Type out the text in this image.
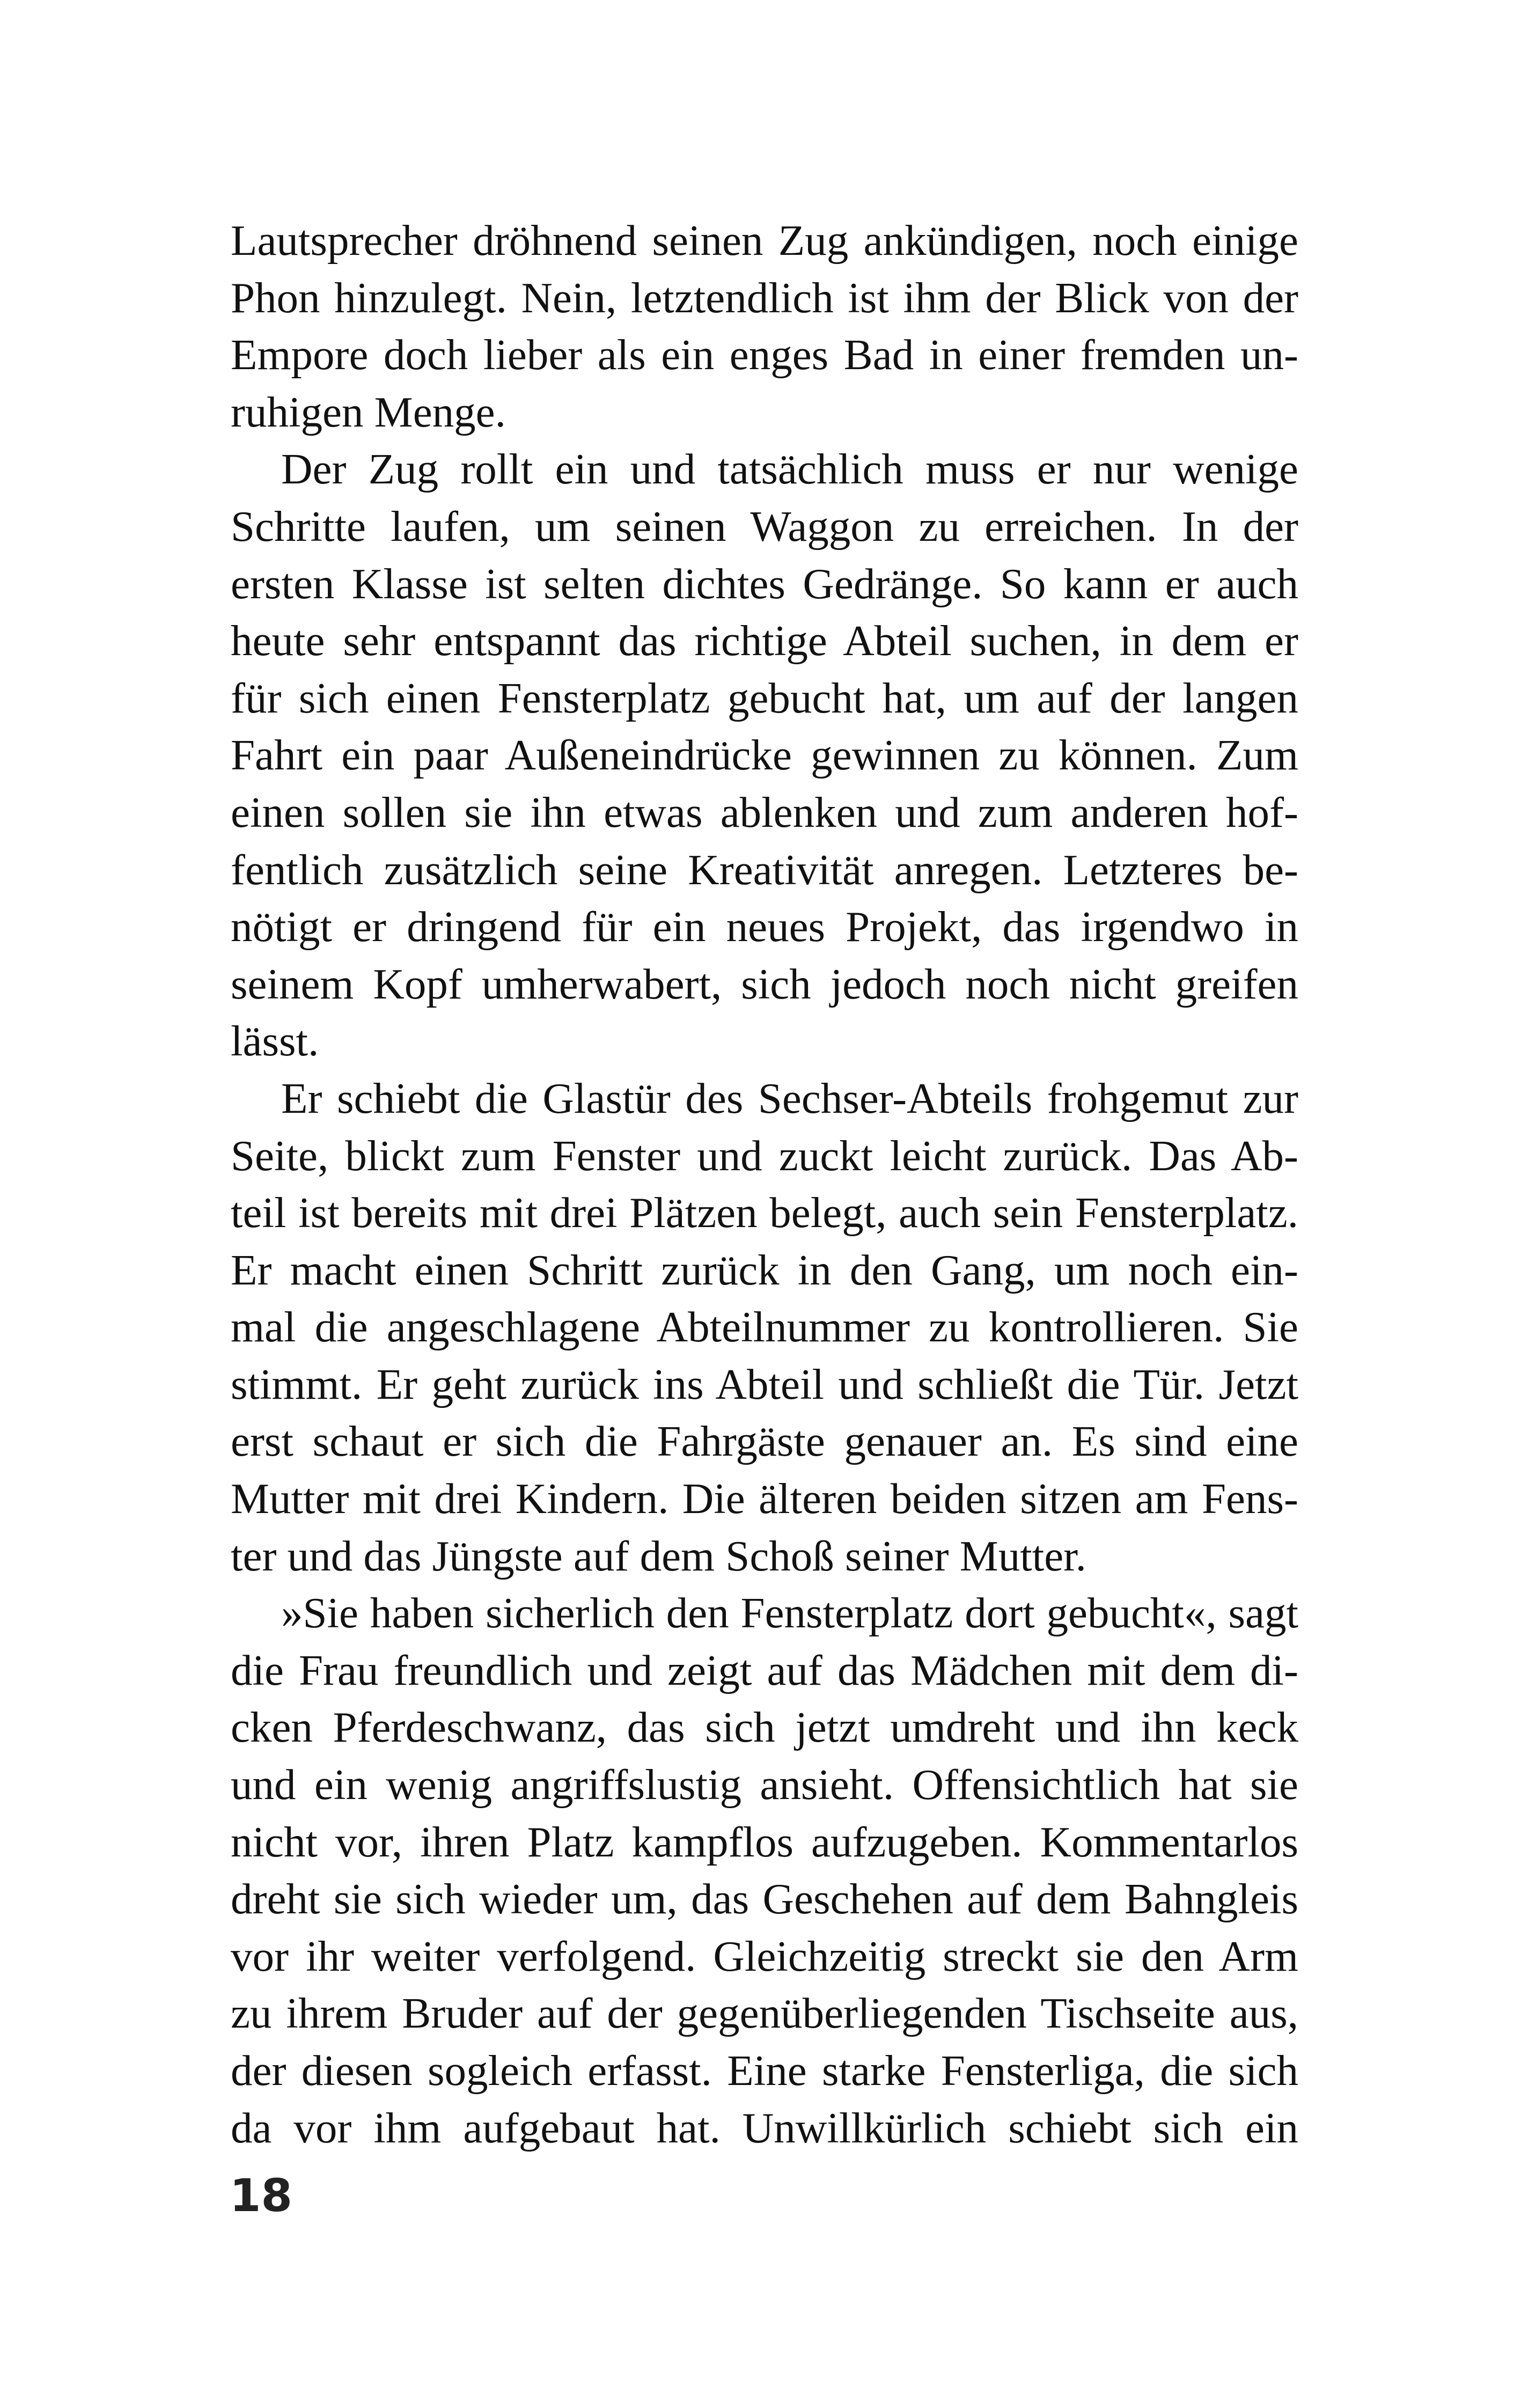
Lautsprecher dröhnend seinen Zug ankündigen, noch einige
Phon hinzulegt. Nein, letztendlich ist ihm der Blick von der
Empore doch lieber als ein enges Bad in einer fremden un-
ruhigen Menge.
Der Zug rollt ein und tatsächlich muss er nur wenige
Schritte laufen, um seinen Waggon zu erreichen. In der
ersten Klasse ist selten dichtes Gedränge. So kann er auch
heute sehr entspannt das richtige Abteil suchen, in dem er
für sich einen Fensterplatz gebucht hat, um auf der langen
Fahrt ein paar Außeneindrücke gewinnen zu können. Zum
einen sollen sie ihn etwas ablenken und zum anderen hof-
fentlich zusätzlich seine Kreativität anregen. Letzteres be-
nötigt er dringend für ein neues Projekt, das irgendwo in
seinem Kopf umherwabert, sich jedoch noch nicht greifen
lässt.
Er schiebt die Glastür des Sechser-Abteils frohgemut zur
Seite, blickt zum Fenster und zuckt leicht zurück. Das Ab-
teil ist bereits mit drei Plätzen belegt, auch sein Fensterplatz.
Er macht einen Schritt zurück in den Gang, um noch ein-
mal die angeschlagene Abteilnummer zu kontrollieren. Sie
stimmt. Er geht zurück ins Abteil und schließt die Tür. Jetzt
erst schaut er sich die Fahrgäste genauer an. Es sind eine
Mutter mit drei Kindern. Die älteren beiden sitzen am Fens-
ter und das Jüngste auf dem Schoß seiner Mutter.
»Sie haben sicherlich den Fensterplatz dort gebucht«, sagt
die Frau freundlich und zeigt auf das Mädchen mit dem di-
cken Pferdeschwanz, das sich jetzt umdreht und ihn keck
und ein wenig angriffslustig ansieht. Offensichtlich hat sie
nicht vor, ihren Platz kampflos aufzugeben. Kommentarlos
dreht sie sich wieder um, das Geschehen auf dem Bahngleis
vor ihr weiter verfolgend. Gleichzeitig streckt sie den Arm
zu ihrem Bruder auf der gegenüberliegenden Tischseite aus,
der diesen sogleich erfasst. Eine starke Fensterliga, die sich
da vor ihm aufgebaut hat. Unwillkürlich schiebt sich ein
18
